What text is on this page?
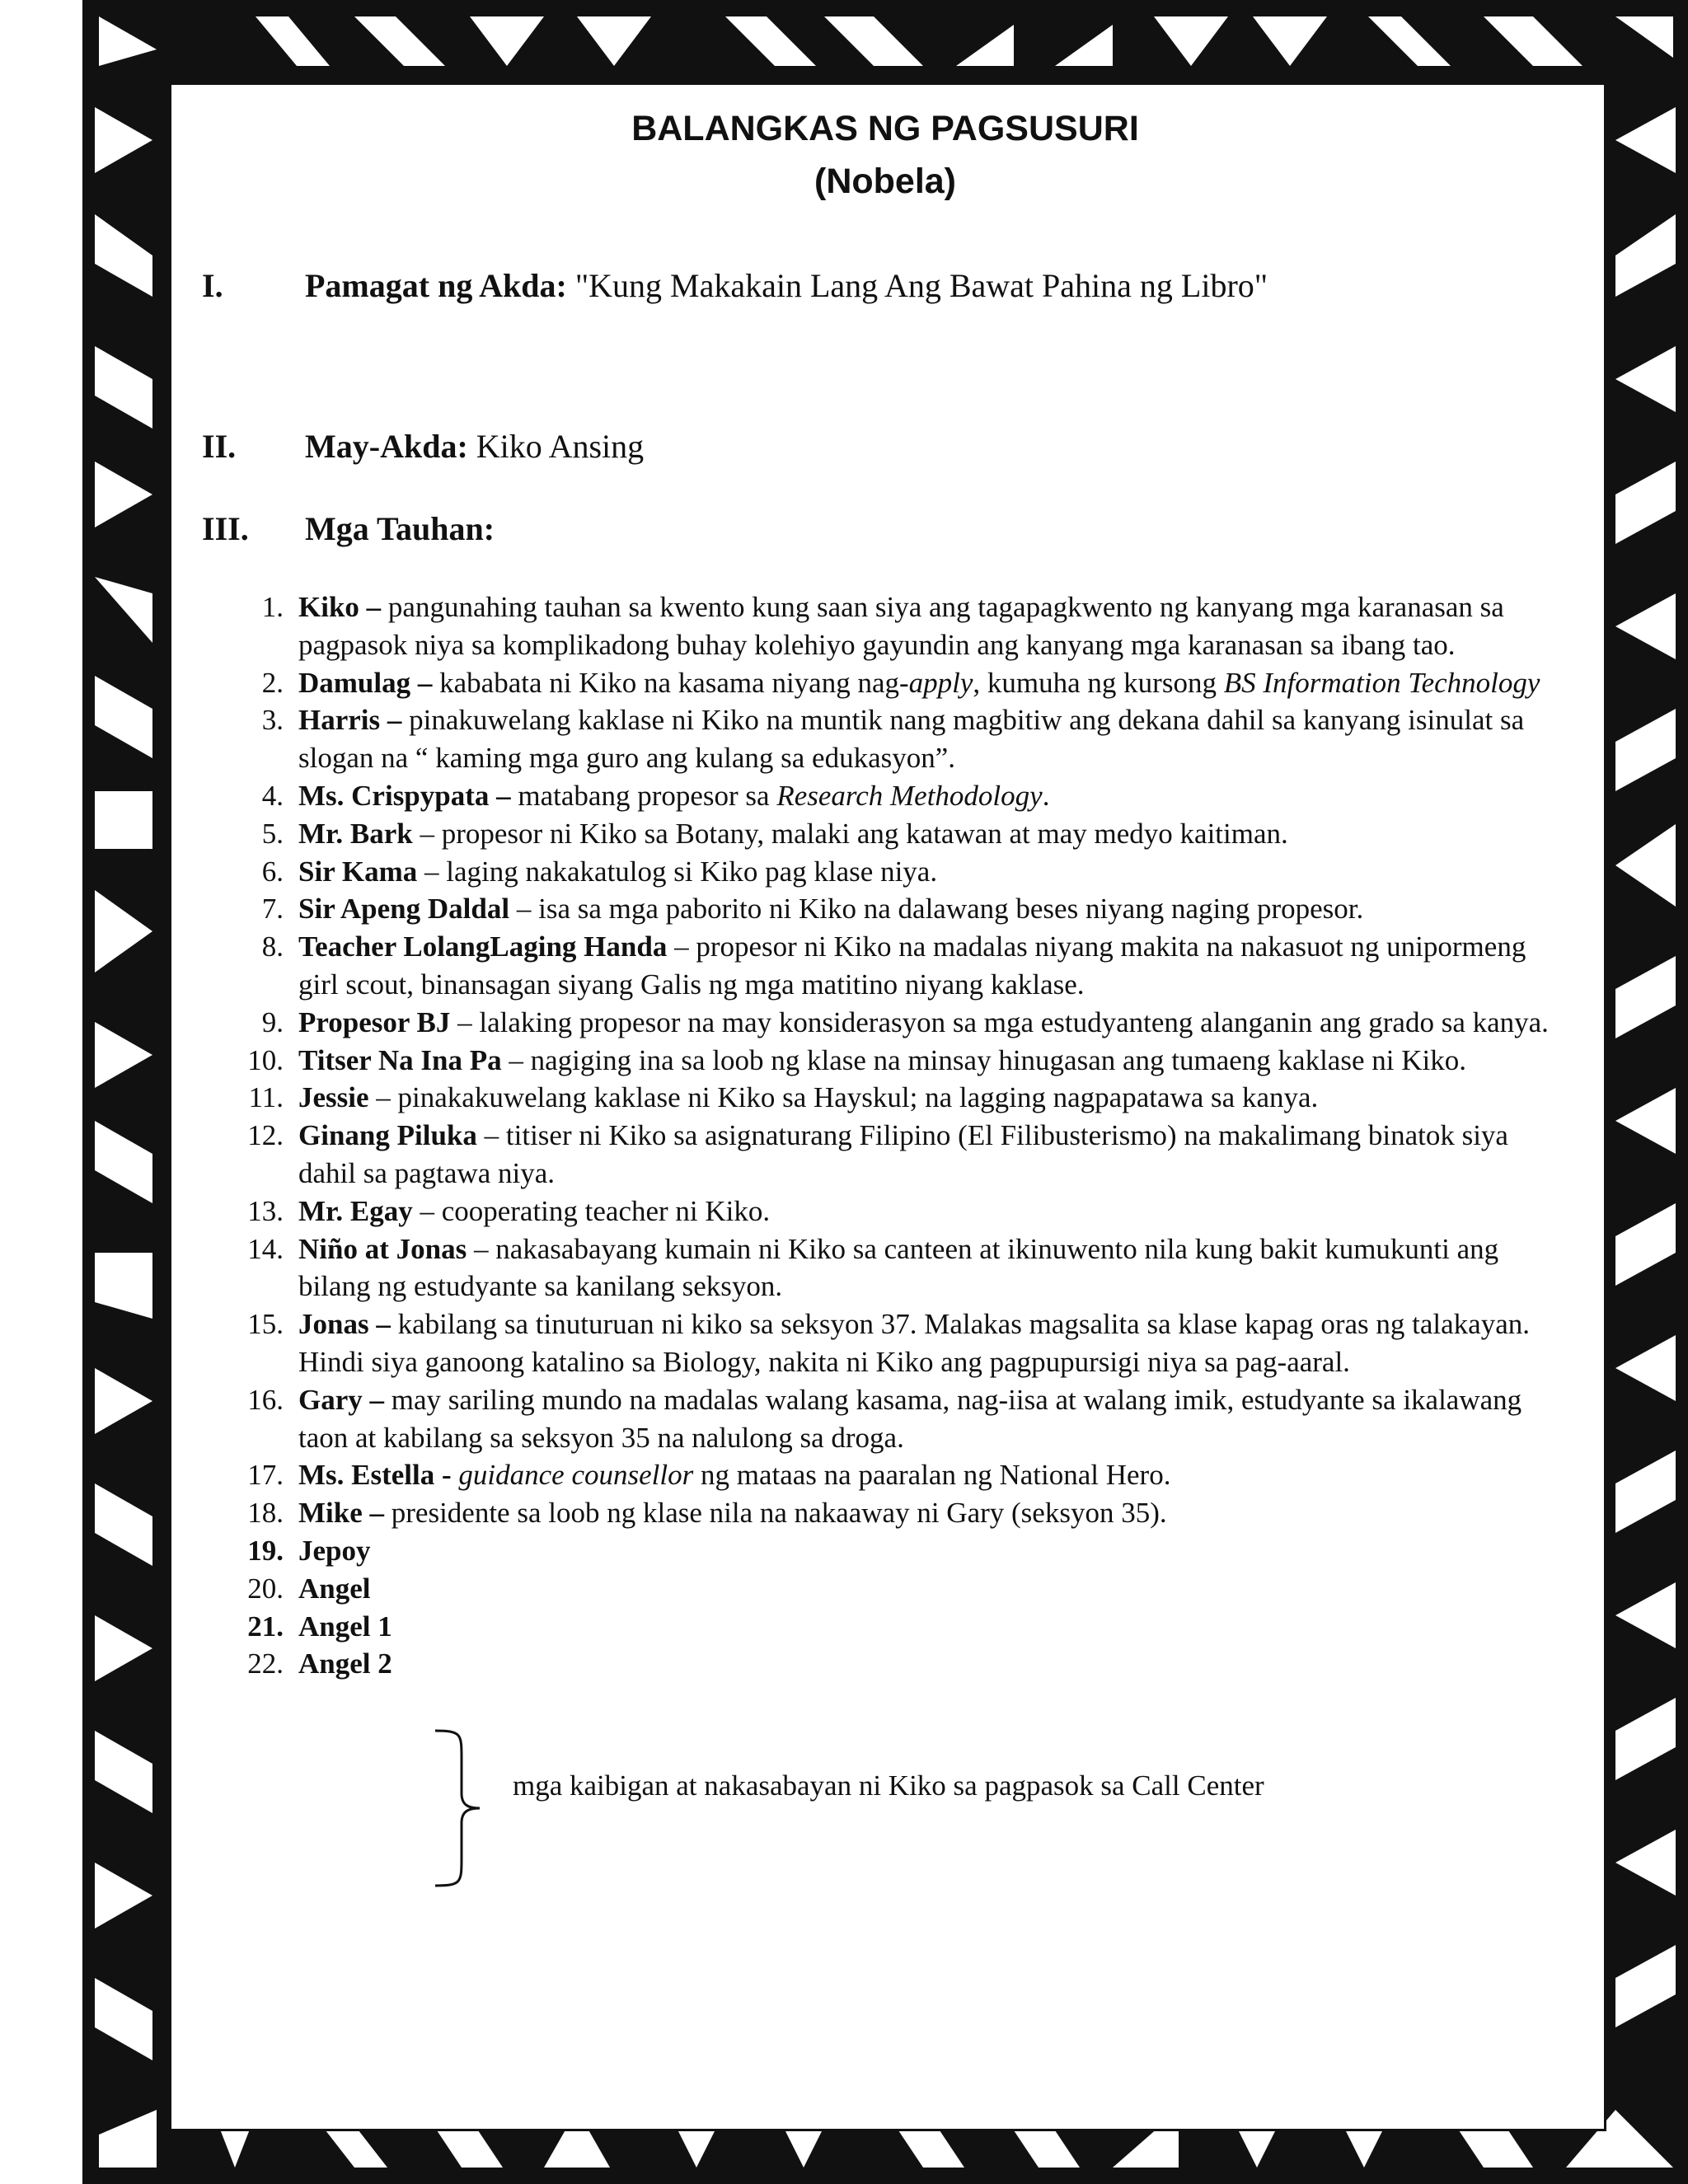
BALANGKAS NG PAGSUSURI
(Nobela)
I. Pamagat ng Akda: "Kung Makakain Lang Ang Bawat Pahina ng Libro"
II. May-Akda: Kiko Ansing
III. Mga Tauhan:
1. Kiko – pangunahing tauhan sa kwento kung saan siya ang tagapagkwento ng kanyang mga karanasan sa pagpasok niya sa komplikadong buhay kolehiyo gayundin ang kanyang mga karanasan sa ibang tao.
2. Damulag – kababata ni Kiko na kasama niyang nag-apply, kumuha ng kursong BS Information Technology
3. Harris – pinakuwelang kaklase ni Kiko na muntik nang magbitiw ang dekana dahil sa kanyang isinulat sa slogan na “ kaming mga guro ang kulang sa edukasyon”.
4. Ms. Crispypata – matabang propesor sa Research Methodology.
5. Mr. Bark – propesor ni Kiko sa Botany, malaki ang katawan at may medyo kaitiman.
6. Sir Kama – laging nakakatulog si Kiko pag klase niya.
7. Sir Apeng Daldal – isa sa mga paborito ni Kiko na dalawang beses niyang naging propesor.
8. Teacher LolangLaging Handa – propesor ni Kiko na madalas niyang makita na nakasuot ng unipormeng girl scout, binansagan siyang Galis ng mga matitino niyang kaklase.
9. Propesor BJ – lalaking propesor na may konsiderasyon sa mga estudyanteng alanganin ang grado sa kanya.
10. Titser Na Ina Pa – nagiging ina sa loob ng klase na minsay hinugasan ang tumaeng kaklase ni Kiko.
11. Jessie – pinakakuwelang kaklase ni Kiko sa Hayskul; na lagging nagpapatawa sa kanya.
12. Ginang Piluka – titiser ni Kiko sa asignaturang Filipino (El Filibusterismo) na makalimang binatok siya dahil sa pagtawa niya.
13. Mr. Egay – cooperating teacher ni Kiko.
14. Niño at Jonas – nakasabayang kumain ni Kiko sa canteen at ikinuwento nila kung bakit kumukunti ang bilang ng estudyante sa kanilang seksyon.
15. Jonas – kabilang sa tinuturuan ni kiko sa seksyon 37. Malakas magsalita sa klase kapag oras ng talakayan. Hindi siya ganoong katalino sa Biology, nakita ni Kiko ang pagpupursigi niya sa pag-aaral.
16. Gary – may sariling mundo na madalas walang kasama, nag-iisa at walang imik, estudyante sa ikalawang taon at kabilang sa seksyon 35 na nalulong sa droga.
17. Ms. Estella - guidance counsellor ng mataas na paaralan ng National Hero.
18. Mike – presidente sa loob ng klase nila na nakaaway ni Gary (seksyon 35).
19. Jepoy
20. Angel
21. Angel 1
22. Angel 2
mga kaibigan at nakasabayan ni Kiko sa pagpasok sa Call Center
